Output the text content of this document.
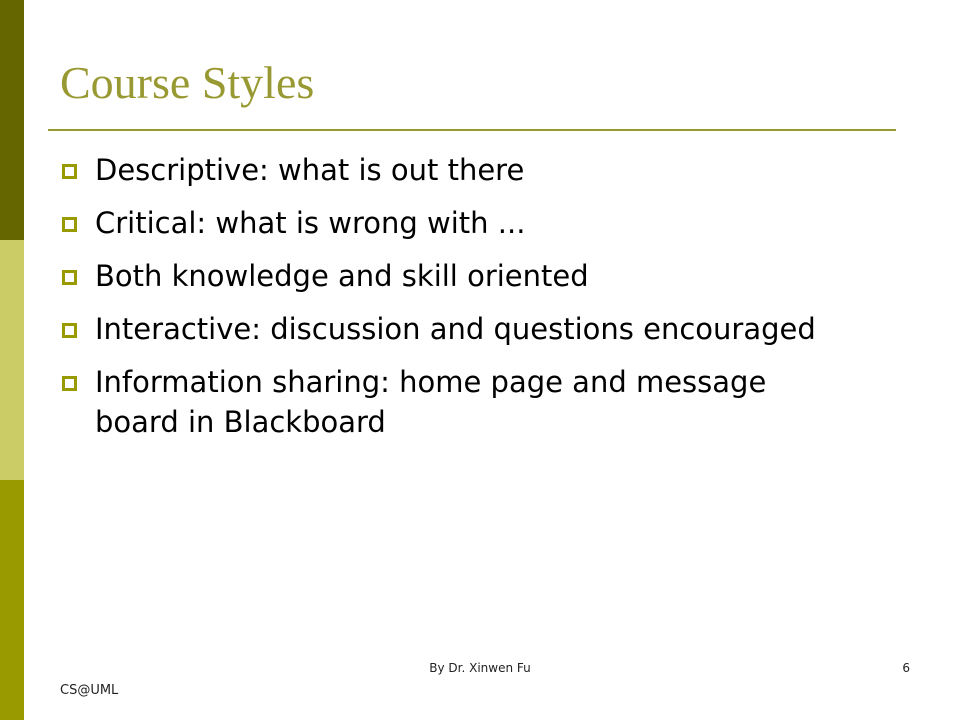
Course Styles
Descriptive: what is out there
Critical: what is wrong with ...
Both knowledge and skill oriented
Interactive: discussion and questions encouraged
Information sharing: home page and message board in Blackboard
By Dr. Xinwen Fu	6
CS@UML
